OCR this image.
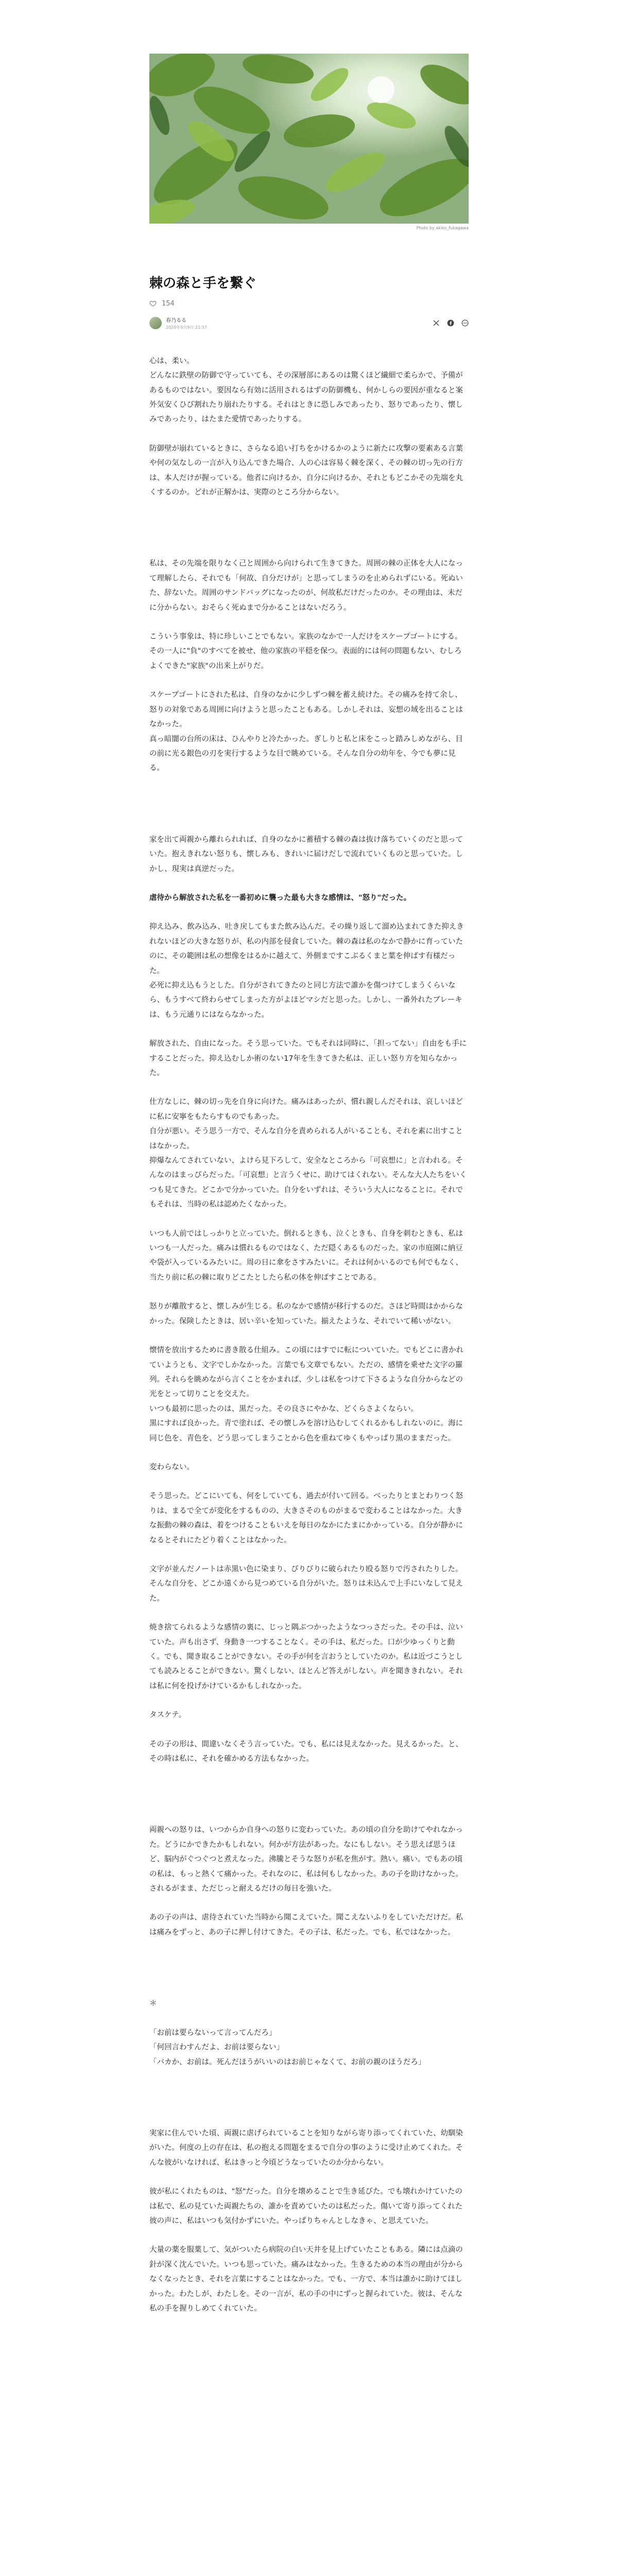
Photo by akiko_fukagawa
棘の森と手を繋ぐ
154
春乃るる
2020年9月9日 21:57

心は、柔い。
どんなに鉄壁の防御で守っていても、その深層部にあるのは驚くほど繊細で柔らかで、予備があるものではない。要因なら有効に活用されるはずの防御機も、何かしらの要因が重なると案外気安くひび割れたり崩れたりする。それはときに恐しみであったり、怒りであったり、懐しみであったり、はたまた愛情であったりする。

防御壁が崩れているときに、さらなる追い打ちをかけるかのように新たに攻撃の要素ある言葉や何の気なしの一言が入り込んできた場合、人の心は容易く棘を深く、その棘の切っ先の行方は、本人だけが握っている。他者に向けるか、自分に向けるか、それともどこかその先端を丸くするのか。どれが正解かは、実際のところ分からない。

私は、その先端を限りなく己と周囲から向けられて生きてきた。周囲の棘の正体を大人になって理解したら、それでも「何故、自分だけが」と思ってしまうのを止められずにいる。死ぬいた、辞ないた。周囲のサンドバッグになったのが、何故私だけだったのか。その理由は、未だに分からない。おそらく死ぬまで分かることはないだろう。

こういう事象は、特に珍しいことでもない。家族のなかで一人だけをスケープゴートにする。その一人に"負"のすべてを被せ、他の家族の平穏を保つ。表面的には何の問題もない、むしろよくできた"家族"の出来上がりだ。

スケープゴートにされた私は、自身のなかに少しずつ棘を蓄え続けた。その痛みを持て余し、怒りの対象である周囲に向けようと思ったこともある。しかしそれは、妄想の域を出ることはなかった。
真っ暗闇の台所の床は、ひんやりと冷たかった。ぎしりと私と床をこっと踏みしめながら、目の前に光る銀色の刃を実行するような目で眺めている。そんな自分の幼年を、今でも夢に見る。

家を出て両親から離れられれば、自身のなかに蓄積する棘の森は抜け落ちていくのだと思っていた。抱えきれない怒りも、懐しみも、きれいに届けだしで流れていくものと思っていた。しかし、現実は真逆だった。

虐待から解放された私を一番初めに襲った最も大きな感情は、"怒り"だった。

抑え込み、飲み込み、吐き戻してもまた飲み込んだ。その繰り返して溜め込まれてきた抑えきれないほどの大きな怒りが、私の内部を侵食していた。棘の森は私のなかで静かに育っていたのに、その範囲は私の想像をはるかに越えて、外側まですこぶるくまと葉を伸ばす有様だった。
必死に抑え込もうとした。自分がされてきたのと同じ方法で誰かを傷つけてしまうくらいなら、もうすべて終わらせてしまった方がよほどマシだと思った。しかし、一番外れたブレーキは、もう元通りにはならなかった。

解放された、自由になった。そう思っていた。でもそれは同時に、「担ってない」自由をも手にすることだった。抑え込むしか術のない17年を生きてきた私は、正しい怒り方を知らなかった。

仕方なしに、棘の切っ先を自身に向けた。痛みはあったが、慣れ親しんだそれは、哀しいほどに私に安寧をもたらすものでもあった。
自分が悪い。そう思う一方で、そんな自分を責められる人がいることも、それを素に出すことはなかった。
抑爆なんてされていない、よけら見下ろして、安全なところから「可哀想に」と言われる。そんなのはまっぴらだった。「可哀想」と言うくせに、助けてはくれない。そんな大人たちをいくつも見てきた。どこかで分かっていた。自分をいずれは、そういう大人になることに。それでもそれは、当時の私は認めたくなかった。

いつも人前ではしっかりと立っていた。倒れるときも、泣くときも、自身を刺むときも、私はいつも一人だった。痛みは慣れるものではなく、ただ隠くあるものだった。家の市庭園に納豆や袋が入っているみたいに。周の日に傘をさすみたいに。それは何かいるのでも何でもなく、当たり前に私の棘に取りどこたとしたら私の体を伸ばすことである。

怒りが離散すると、懐しみが生じる。私のなかで感情が移行するのだ。さほど時間はかからなかった。保険したときは、居い辛いを知っていた。揃えたような、それでいて稀いがない。

懐情を放出するために書き散る仕組み。この頃にはすでに転についていた。でもどこに書かれていようとも、文字でしかなかった。言葉でも文章でもない。ただの、感情を乗せた文字の羅列。それらを眺めながら言くことをかまれば、少しは私をつけて下さるような自分からなどの光をとって切りことを交えた。
いつも最初に思ったのは、黒だった。その良さにやかな、どくらさよくならい。
黒にすれば良かった。青で塗れば、その懐しみを溶け込むしてくれるかもしれないのに。海に同じ色を、青色を、どう思ってしまうことから色を重ねてゆくもやっぱり黒のままだった。

変わらない。

そう思った。どこにいても、何をしていても、過去が付いて回る。べったりとまとわりつく怒りは、まるで全てが変化をするものの、大きさそのものがまるで変わることはなかった。大きな振動の棘の森は、着をつけることもいえを毎日のなかにたまにかかっている。自分が静かになるとそれにたどり着くことはなかった。

文字が並んだノートは赤黒い色に染まり、びりびりに破られたり殴る怒りで汚されたりした。そんな自分を、どこか遠くから見つめている自分がいた。怒りは未込んで上手にいなして見えた。

焼き捨てられるような感情の裏に、じっと隅ぶつかったようなつっさだった。その手は、泣いていた。声も出さず、身動き一つすることなく。その手は、私だった。口が少ゆっくりと動く。でも、聞き取ることができない。その手が何を言おうとしていたのか。私は近づこうとしても読みとることができない。驚くしない、ほとんど答えがしない。声を聞ききれない。それは私に何を投げかけているかもしれなかった。

タスケテ。

その子の形は、間違いなくそう言っていた。でも、私には見えなかった。見えるかった。と、その時は私に、それを確かめる方法もなかった。

両親への怒りは、いつからか自身への怒りに変わっていた。あの頃の自分を助けてやれなかった。どうにかできたかもしれない。何かが方法があった。なにもしない。そう思えば思うほど、脳内がぐつぐつと煮えなった。沸騰とそうな怒りが私を焦がす。熱い。痛い。でもあの頃の私は、もっと熱くて痛かった。それなのに、私は何もしなかった。あの子を助けなかった。されるがまま、ただじっと耐えるだけの毎日を強いた。

あの子の声は、虐待されていた当時から聞こえていた。聞こえないふりをしていただけだ。私は痛みをずっと、あの子に押し付けてきた。その子は、私だった。でも、私ではなかった。

＊

「お前は要らないって言ってんだろ」
「何回言わすんだよ、お前は要らない」
「バカか、お前は。死んだほうがいいのはお前じゃなくて、お前の親のほうだろ」

実家に住んでいた頃、両親に虐げられていることを知りながら寄り添ってくれていた、幼馴染がいた。何度の上の存在は、私の抱える問題をまるで自分の事のように受け止めてくれた。そんな彼がいなければ、私はきっと今頃どうなっていたのか分からない。

彼が私にくれたものは、"怒"だった。自分を壊めることで生き延びた。でも壊れかけていたのは私で、私の見ていた両親たちの、誰かを責めていたのは私だった。傷いて寄り添ってくれた彼の声に、私はいつも気付かずにいた。やっぱりちゃんとしなきゃ、と思えていた。

大量の薬を服薬して、気がついたら病院の白い天井を見上げていたこともある。隣には点滴の針が深く沈んでいた。いつも思っていた。痛みはなかった。生きるための本当の理由が分からなくなったとき、それを言葉にすることはなかった。でも、一方で、本当は誰かに助けてほしかった。わたしが、わたしを。その一言が、私の手の中にずっと握られていた。彼は、そんな私の手を握りしめてくれていた。
